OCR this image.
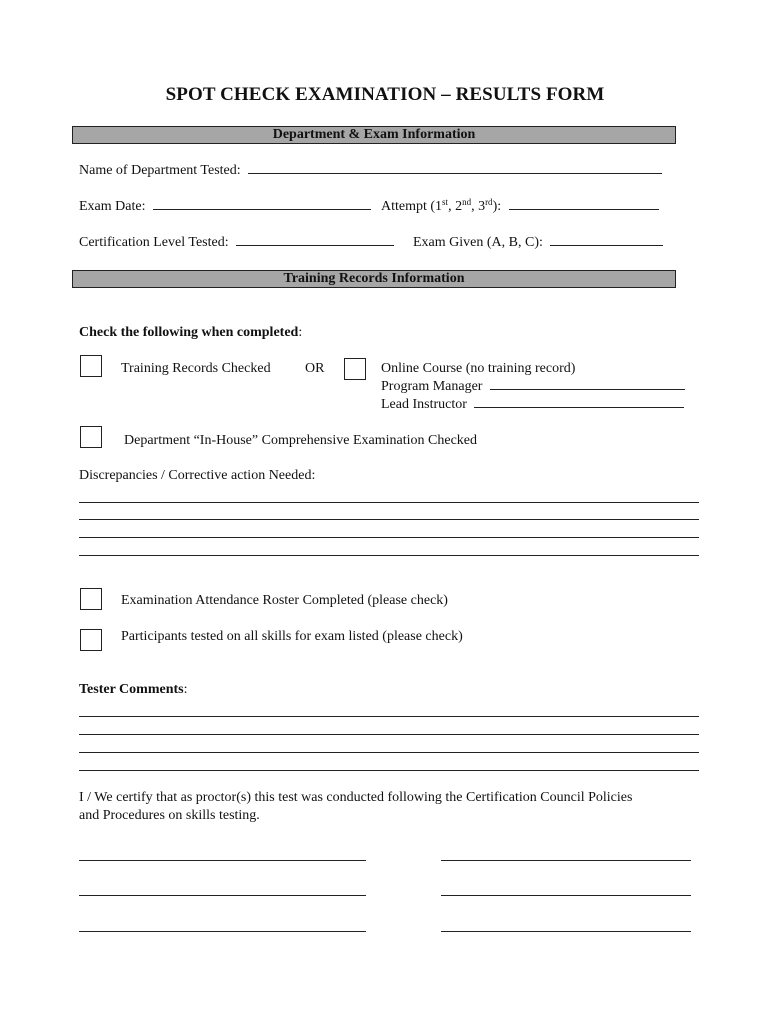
SPOT CHECK EXAMINATION – RESULTS FORM
Department & Exam Information
Name of Department Tested:
Exam Date:	Attempt (1st, 2nd, 3rd):
Certification Level Tested:	Exam Given (A, B, C):
Training Records Information
Check the following when completed:
Training Records Checked OR	Online Course (no training record)
Program Manager
Lead Instructor
Department “In-House” Comprehensive Examination Checked
Discrepancies / Corrective action Needed:
Examination Attendance Roster Completed (please check)
Participants tested on all skills for exam listed (please check)
Tester Comments:
I / We certify that as proctor(s) this test was conducted following the Certification Council Policies
and Procedures on skills testing.
